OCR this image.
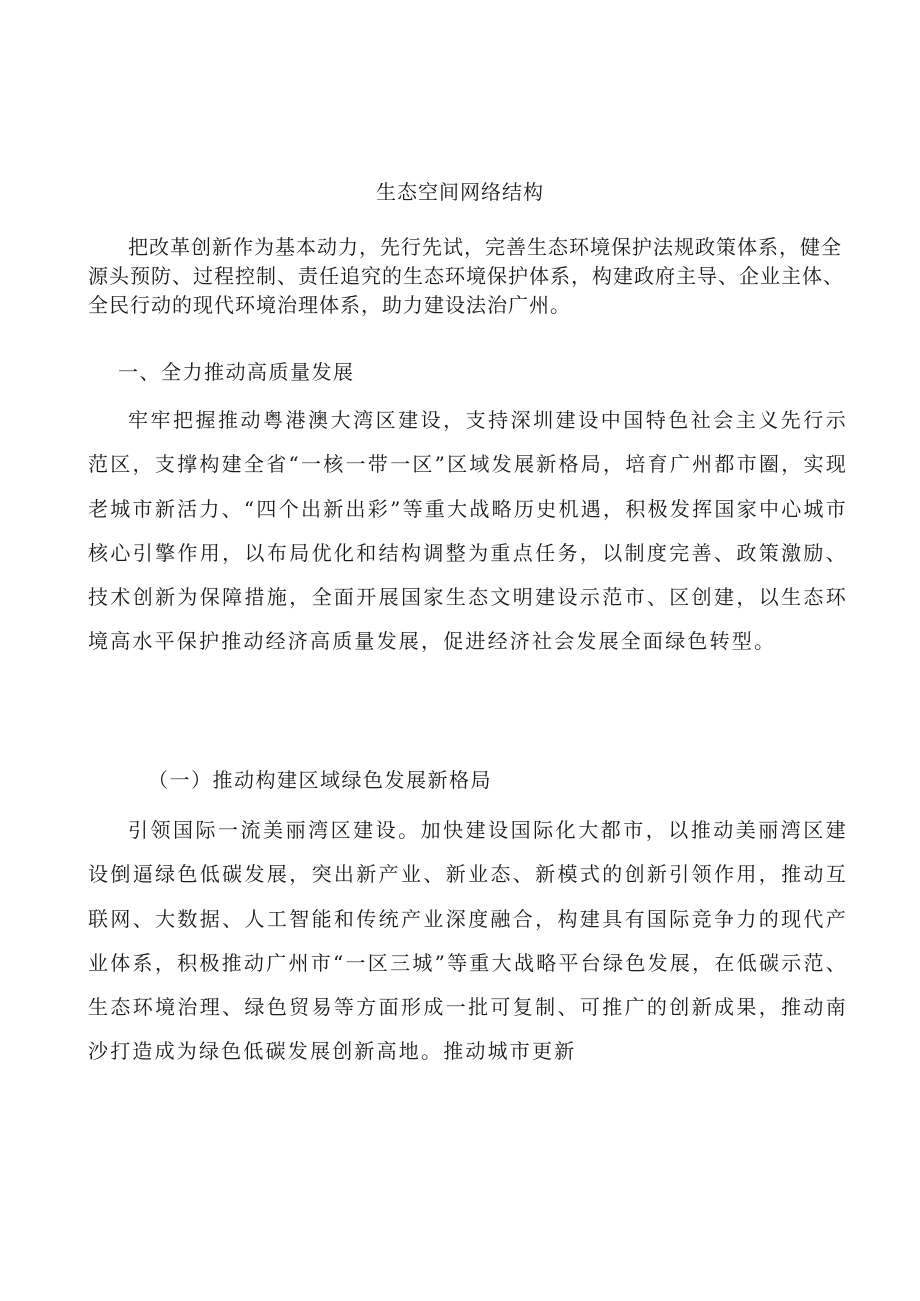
生态空间网络结构

把改革创新作为基本动力，先行先试，完善生态环境保护法规政策体系，健全源头预防、过程控制、责任追究的生态环境保护体系，构建政府主导、企业主体、全民行动的现代环境治理体系，助力建设法治广州。

一、全力推动高质量发展

牢牢把握推动粤港澳大湾区建设，支持深圳建设中国特色社会主义先行示范区，支撑构建全省“一核一带一区”区域发展新格局，培育广州都市圈，实现老城市新活力、“四个出新出彩”等重大战略历史机遇，积极发挥国家中心城市核心引擎作用，以布局优化和结构调整为重点任务，以制度完善、政策激励、技术创新为保障措施，全面开展国家生态文明建设示范市、区创建，以生态环境高水平保护推动经济高质量发展，促进经济社会发展全面绿色转型。

（一）推动构建区域绿色发展新格局

引领国际一流美丽湾区建设。加快建设国际化大都市，以推动美丽湾区建设倒逼绿色低碳发展，突出新产业、新业态、新模式的创新引领作用，推动互联网、大数据、人工智能和传统产业深度融合，构建具有国际竞争力的现代产业体系，积极推动广州市“一区三城”等重大战略平台绿色发展，在低碳示范、生态环境治理、绿色贸易等方面形成一批可复制、可推广的创新成果，推动南沙打造成为绿色低碳发展创新高地。推动城市更新
